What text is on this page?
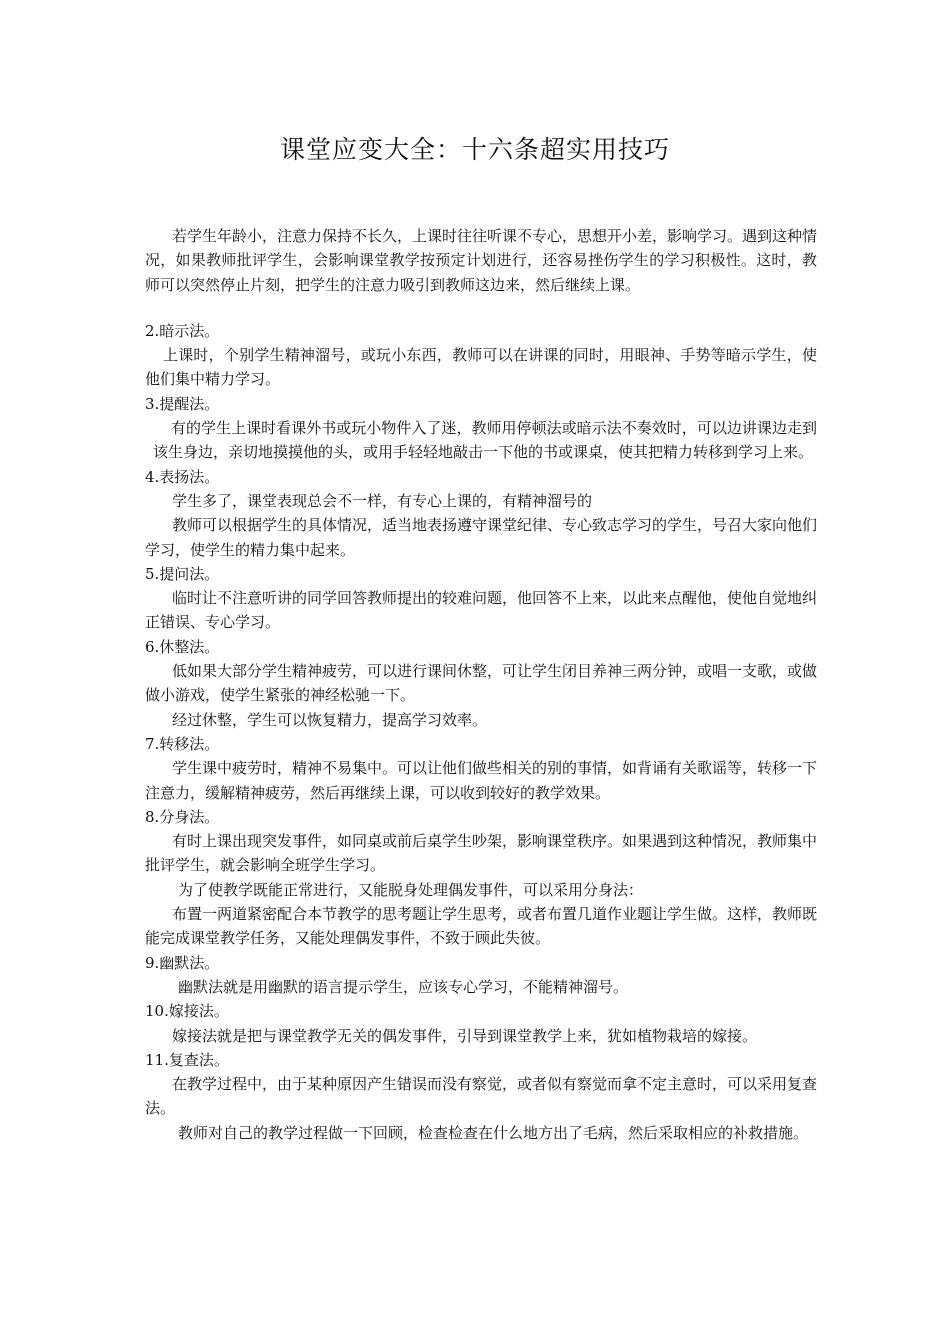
课堂应变大全：十六条超实用技巧

若学生年龄小，注意力保持不长久，上课时往往听课不专心，思想开小差，影响学习。遇到这种情况，如果教师批评学生，会影响课堂教学按预定计划进行，还容易挫伤学生的学习积极性。这时，教师可以突然停止片刻，把学生的注意力吸引到教师这边来，然后继续上课。

2.暗示法。

上课时，个别学生精神溜号，或玩小东西，教师可以在讲课的同时，用眼神、手势等暗示学生，使他们集中精力学习。

3.提醒法。

有的学生上课时看课外书或玩小物件入了迷，教师用停顿法或暗示法不奏效时，可以边讲课边走到该生身边，亲切地摸摸他的头，或用手轻轻地敲击一下他的书或课桌，使其把精力转移到学习上来。

4.表扬法。

学生多了，课堂表现总会不一样，有专心上课的，有精神溜号的

教师可以根据学生的具体情况，适当地表扬遵守课堂纪律、专心致志学习的学生，号召大家向他们学习，使学生的精力集中起来。

5.提问法。

临时让不注意听讲的同学回答教师提出的较难问题，他回答不上来，以此来点醒他，使他自觉地纠正错误、专心学习。

6.休整法。

低如果大部分学生精神疲劳，可以进行课间休整，可让学生闭目养神三两分钟，或唱一支歌，或做做小游戏，使学生紧张的神经松驰一下。

经过休整，学生可以恢复精力，提高学习效率。

7.转移法。

学生课中疲劳时，精神不易集中。可以让他们做些相关的别的事情，如背诵有关歌谣等，转移一下注意力，缓解精神疲劳，然后再继续上课，可以收到较好的教学效果。

8.分身法。

有时上课出现突发事件，如同桌或前后桌学生吵架，影响课堂秩序。如果遇到这种情况，教师集中批评学生，就会影响全班学生学习。

为了使教学既能正常进行，又能脱身处理偶发事件，可以采用分身法：

布置一两道紧密配合本节教学的思考题让学生思考，或者布置几道作业题让学生做。这样，教师既能完成课堂教学任务，又能处理偶发事件，不致于顾此失彼。

9.幽默法。

幽默法就是用幽默的语言提示学生，应该专心学习，不能精神溜号。

10.嫁接法。

嫁接法就是把与课堂教学无关的偶发事件，引导到课堂教学上来，犹如植物栽培的嫁接。

11.复查法。

在教学过程中，由于某种原因产生错误而没有察觉，或者似有察觉而拿不定主意时，可以采用复查法。

教师对自己的教学过程做一下回顾，检查检查在什么地方出了毛病，然后采取相应的补救措施。
